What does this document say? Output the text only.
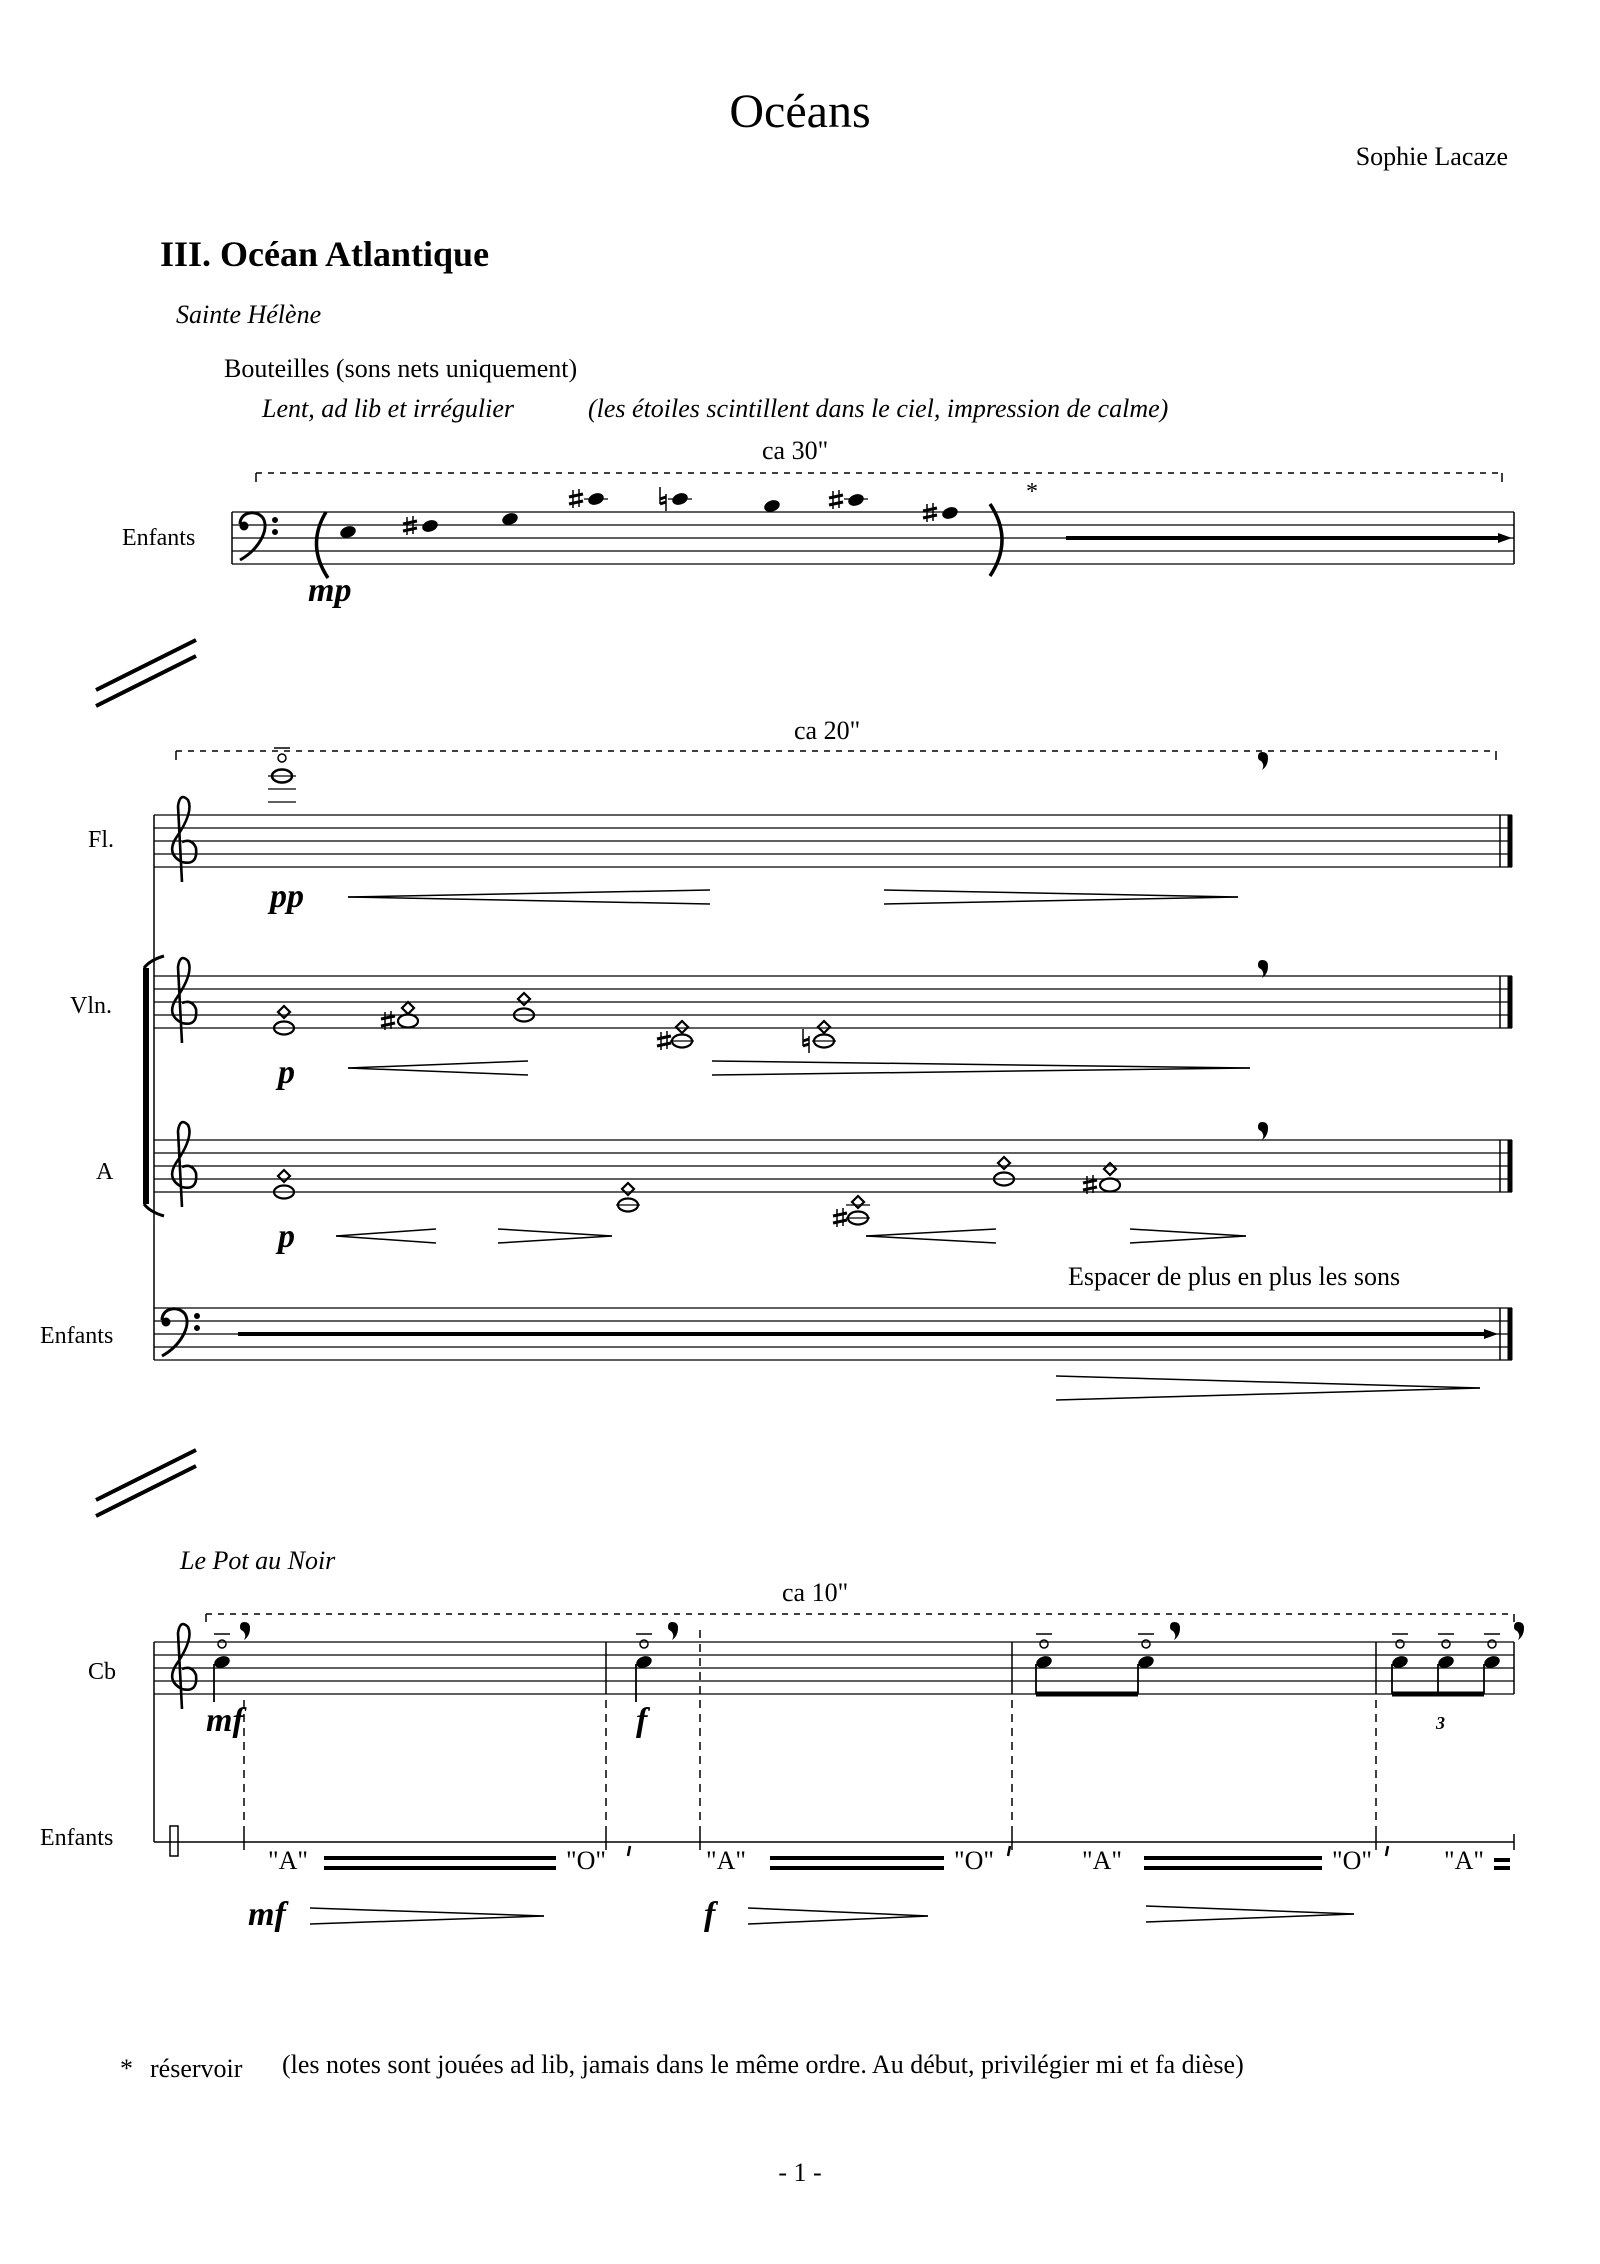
Océans
Sophie Lacaze
III. Océan Atlantique
Sainte Hélène
Bouteilles (sons nets uniquement)
Lent, ad lib et irrégulier	(les étoiles scintillent dans le ciel, impression de calme)
ca 30"
Enfants
mp
*
ca 20"
Fl.
Vln.
A
Enfants
pp
p
p
Espacer de plus en plus les sons
Le Pot au Noir
ca 10"
Cb
Enfants
mf	f
mf	f
3
"A"	"O"	"A"	"O"	"A"	"O"	"A"
* réservoir (les notes sont jouées ad lib, jamais dans le même ordre. Au début, privilégier mi et fa dièse)
- 1 -
